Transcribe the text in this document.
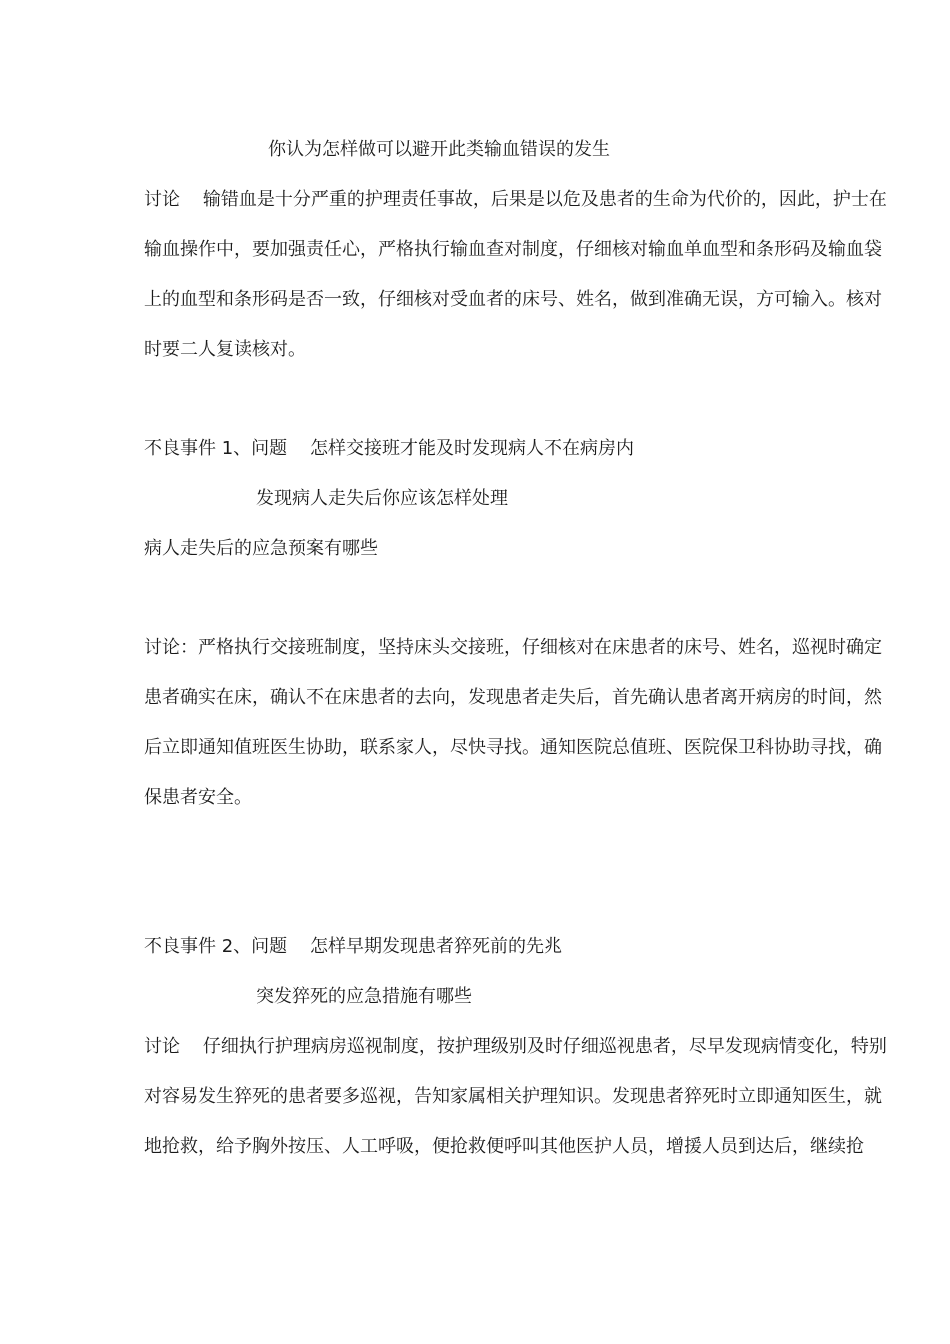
你认为怎样做可以避开此类输血错误的发生
讨论    输错血是十分严重的护理责任事故，后果是以危及患者的生命为代价的，因此，护士在
输血操作中，要加强责任心，严格执行输血查对制度，仔细核对输血单血型和条形码及输血袋
上的血型和条形码是否一致，仔细核对受血者的床号、姓名，做到准确无误，方可输入。核对
时要二人复读核对。
不良事件 1、问题    怎样交接班才能及时发现病人不在病房内
发现病人走失后你应该怎样处理
病人走失后的应急预案有哪些
讨论：严格执行交接班制度，坚持床头交接班，仔细核对在床患者的床号、姓名，巡视时确定
患者确实在床，确认不在床患者的去向，发现患者走失后，首先确认患者离开病房的时间，然
后立即通知值班医生协助，联系家人，尽快寻找。通知医院总值班、医院保卫科协助寻找，确
保患者安全。
不良事件 2、问题    怎样早期发现患者猝死前的先兆
突发猝死的应急措施有哪些
讨论    仔细执行护理病房巡视制度，按护理级别及时仔细巡视患者，尽早发现病情变化，特别
对容易发生猝死的患者要多巡视，告知家属相关护理知识。发现患者猝死时立即通知医生，就
地抢救，给予胸外按压、人工呼吸，便抢救便呼叫其他医护人员，增援人员到达后，继续抢
